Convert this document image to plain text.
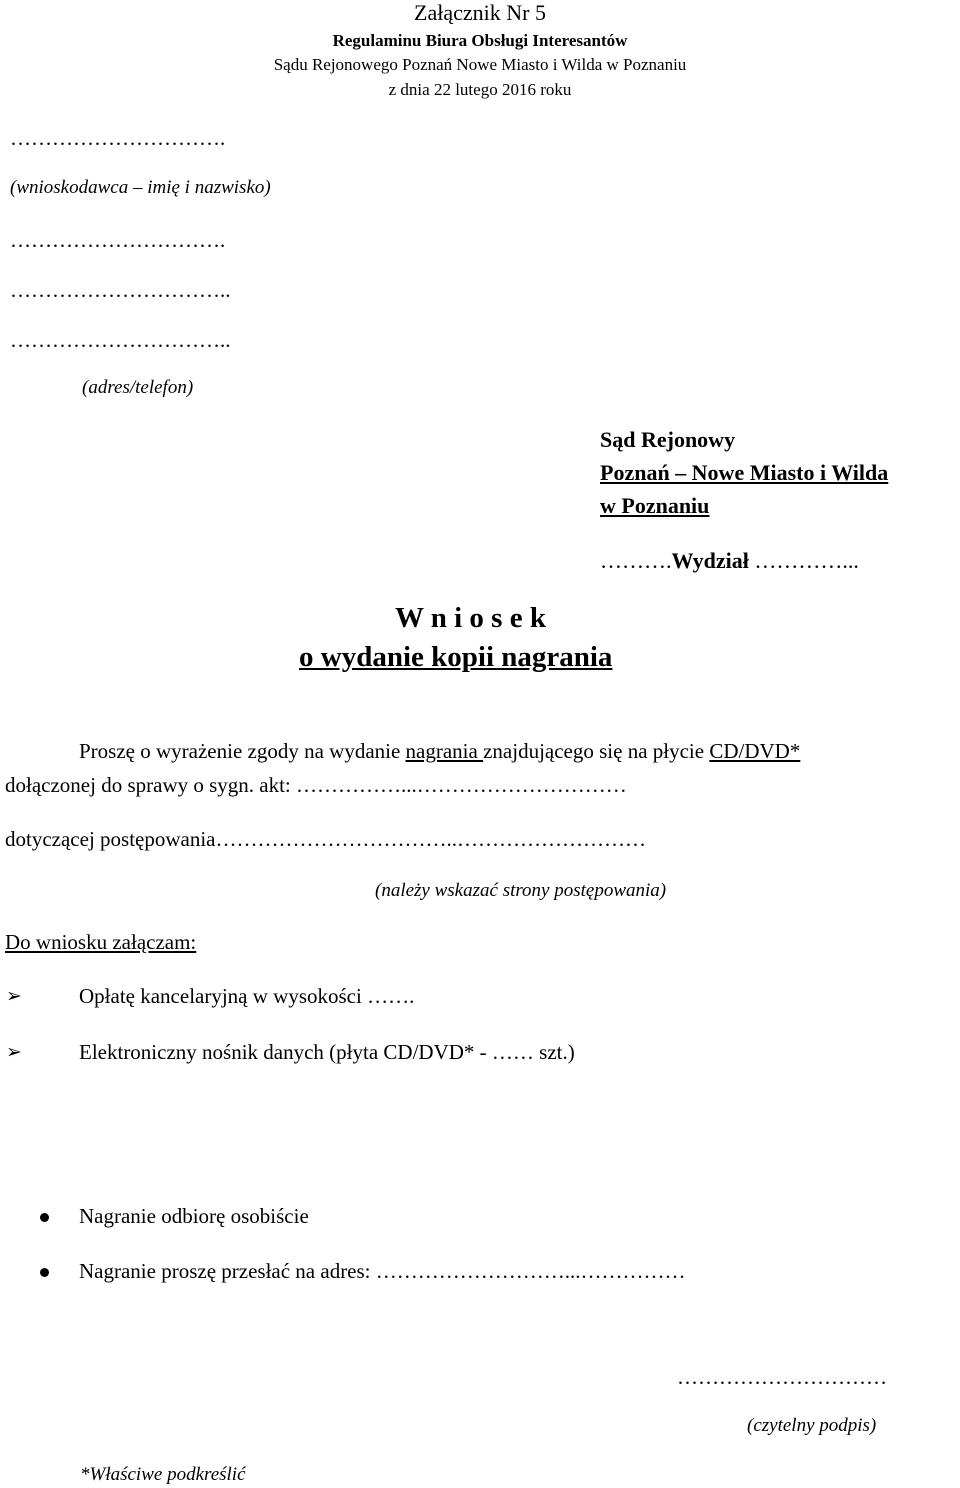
Załącznik Nr 5
Regulaminu Biura Obsługi Interesantów
Sądu Rejonowego Poznań Nowe Miasto i Wilda w Poznaniu
z dnia 22 lutego 2016 roku
………………………….
(wnioskodawca – imię i nazwisko)
………………………….
…………………………..
…………………………..
(adres/telefon)
Sąd Rejonowy
Poznań – Nowe Miasto i Wilda
w Poznaniu
……….Wydział …………...
W n i o s e k
o wydanie kopii nagrania
Proszę o wyrażenie zgody na wydanie nagrania znajdującego się na płycie CD/DVD*
dołączonej do sprawy o sygn. akt: ……………...…………………………
dotyczącej postępowania……………………………..………………………
(należy wskazać strony postępowania)
Do wniosku załączam:
➢	Opłatę kancelaryjną w wysokości …….
➢	Elektroniczny nośnik danych (płyta CD/DVD* - …… szt.)
Nagranie odbiorę osobiście
Nagranie proszę przesłać na adres: ………………………...……………
…………………………
(czytelny podpis)
*Właściwe podkreślić
